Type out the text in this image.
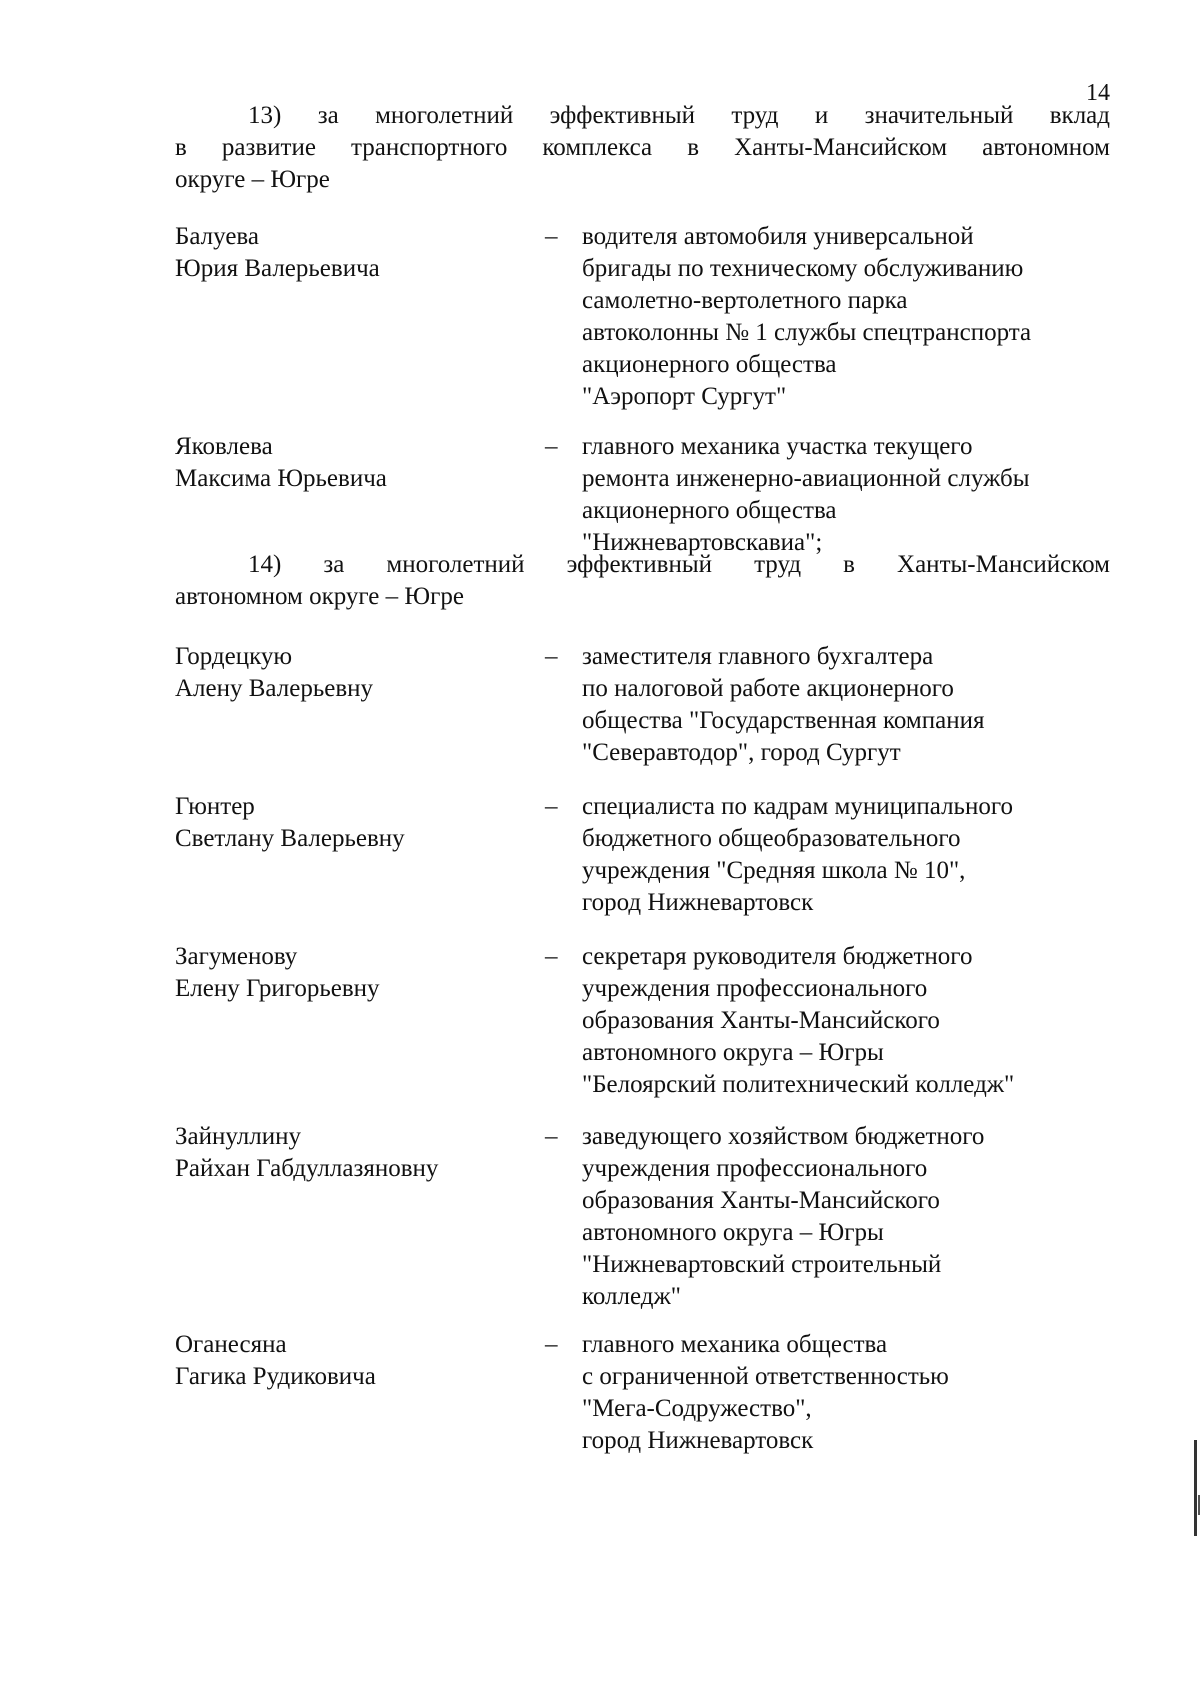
14
13) за многолетний эффективный труд и значительный вклад
в развитие транспортного комплекса в Ханты-Мансийском автономном
округе – Югре
Балуева
Юрия Валерьевича
– водителя автомобиля универсальной
бригады по техническому обслуживанию
самолетно-вертолетного парка
автоколонны № 1 службы спецтранспорта
акционерного общества
"Аэропорт Сургут"
Яковлева
Максима Юрьевича
– главного механика участка текущего
ремонта инженерно-авиационной службы
акционерного общества
"Нижневартовскавиа";
14) за многолетний эффективный труд в Ханты-Мансийском
автономном округе – Югре
Гордецкую
Алену Валерьевну
– заместителя главного бухгалтера
по налоговой работе акционерного
общества "Государственная компания
"Северавтодор", город Сургут
Гюнтер
Светлану Валерьевну
– специалиста по кадрам муниципального
бюджетного общеобразовательного
учреждения "Средняя школа № 10",
город Нижневартовск
Загуменову
Елену Григорьевну
– секретаря руководителя бюджетного
учреждения профессионального
образования Ханты-Мансийского
автономного округа – Югры
"Белоярский политехнический колледж"
Зайнуллину
Райхан Габдуллазяновну
– заведующего хозяйством бюджетного
учреждения профессионального
образования Ханты-Мансийского
автономного округа – Югры
"Нижневартовский строительный
колледж"
Оганесяна
Гагика Рудиковича
– главного механика общества
с ограниченной ответственностью
"Мега-Содружество",
город Нижневартовск
